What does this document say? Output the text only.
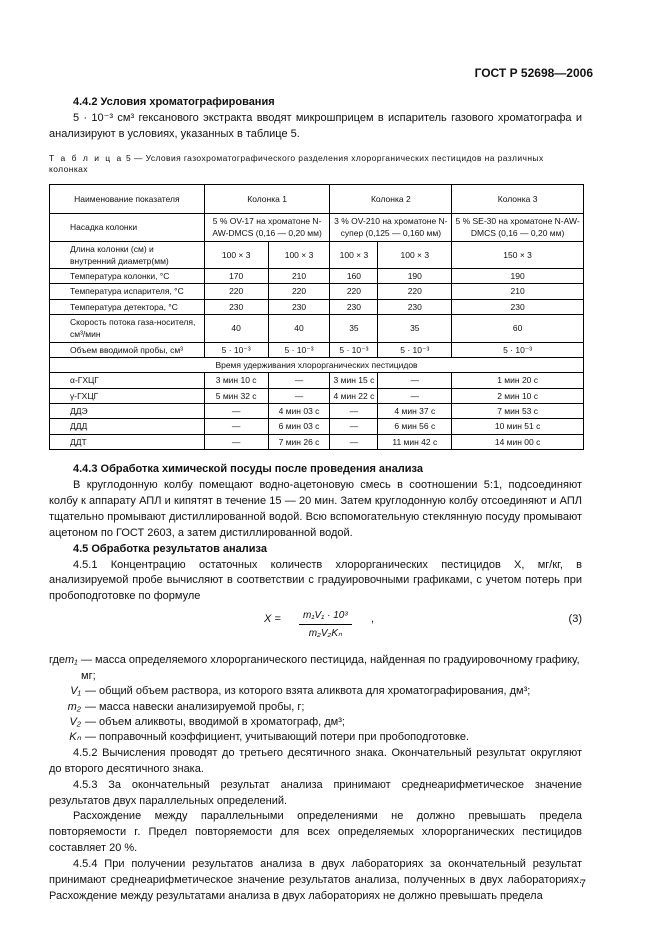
ГОСТ Р 52698—2006
4.4.2 Условия хроматографирования

5 · 10⁻³ см³ гексанового экстракта вводят микрошприцем в испаритель газового хроматографа и анализируют в условиях, указанных в таблице 5.

Т а б л и ц а 5 — Условия газохроматографического разделения хлорорганических пестицидов на различных колонках
Наименование показателя	Колонка 1		Колонка 2		Колонка 3
Насадка колонки	5 % OV-17 на хроматоне N-AW-DMCS (0,16 — 0,20 мм)		3 % OV-210 на хроматоне N-супер (0,125 — 0,160 мм)		5 % SE-30 на хроматоне N-AW-DMCS (0,16 — 0,20 мм)
Длина колонки (см) и внутренний диаметр(мм)	100 × 3	100 × 3	100 × 3	100 × 3	150 × 3
Температура колонки, °С	170	210	160	190	190
Температура испарителя, °С	220	220	220	220	210
Температура детектора, °С	230	230	230	230	230
Скорость потока газа-носителя, см³/мин	40	40	35	35	60
Объем вводимой пробы, см³	5 · 10⁻³	5 · 10⁻³	5 · 10⁻³	5 · 10⁻³	5 · 10⁻³
Время удерживания хлорорганических пестицидов					
α-ГХЦГ	3 мин 10 с	—	3 мин 15 с	—	1 мин 20 с
γ-ГХЦГ	5 мин 32 с	—	4 мин 22 с	—	2 мин 10 с
ДДЭ	—	4 мин 03 с	—	4 мин 37 с	7 мин 53 с
ДДД	—	6 мин 03 с	—	6 мин 56 с	10 мин 51 с
ДДТ	—	7 мин 26 с	—	11 мин 42 с	14 мин 00 с
4.4.3 Обработка химической посуды после проведения анализа

В круглодонную колбу помещают водно-ацетоновую смесь в соотношении 5:1, подсоединяют колбу к аппарату АПЛ и кипятят в течение 15 — 20 мин. Затем круглодонную колбу отсоединяют и АПЛ тщательно промывают дистиллированной водой. Всю вспомогательную стеклянную посуду промывают ацетоном по ГОСТ 2603, а затем дистиллированной водой.

4.5 Обработка результатов анализа

4.5.1 Концентрацию остаточных количеств хлорорганических пестицидов X, мг/кг, в анализируемой пробе вычисляют в соответствии с градуировочными графиками, с учетом потерь при пробоподготовке по формуле

$X = \frac{\text{m₁V₁ · 10³}}{\text{m₂V₂Kₙ}}$ ,	(3)
где m₁ — масса определяемого хлорорганического пестицида, найденная по градуировочному графику, мг;
V₁ — общий объем раствора, из которого взята аликвота для хроматографирования, дм³;
m₂ — масса навески анализируемой пробы, г;
V₂ — объем аликвоты, вводимой в хроматограф, дм³;
Kₙ — поправочный коэффициент, учитывающий потери при пробоподготовке.

4.5.2 Вычисления проводят до третьего десятичного знака. Окончательный результат округляют до второго десятичного знака.

4.5.3 За окончательный результат анализа принимают среднеарифметическое значение результатов двух параллельных определений.

Расхождение между параллельными определениями не должно превышать предела повторяемости r. Предел повторяемости для всех определяемых хлорорганических пестицидов составляет 20 %.

4.5.4 При получении результатов анализа в двух лабораториях за окончательный результат принимают среднеарифметическое значение результатов анализа, полученных в двух лабораториях. Расхождение между результатами анализа в двух лабораториях не должно превышать предела

7
